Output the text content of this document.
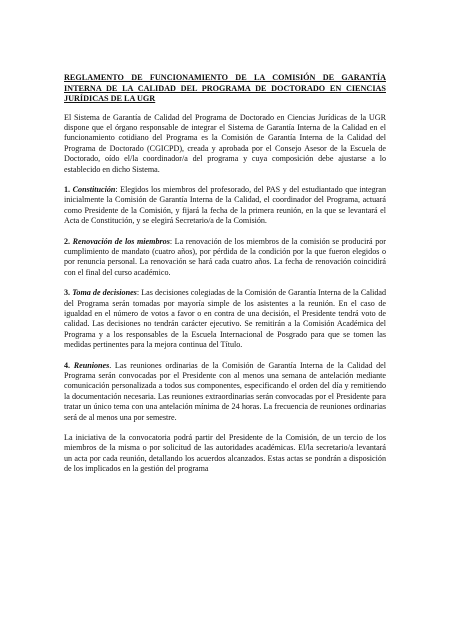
REGLAMENTO DE FUNCIONAMIENTO DE LA COMISIÓN DE GARANTÍA INTERNA DE LA CALIDAD DEL PROGRAMA DE DOCTORADO EN CIENCIAS JURÍDICAS DE LA UGR

El Sistema de Garantía de Calidad del Programa de Doctorado en Ciencias Jurídicas de la UGR dispone que el órgano responsable de integrar el Sistema de Garantía Interna de la Calidad en el funcionamiento cotidiano del Programa es la Comisión de Garantía Interna de la Calidad del Programa de Doctorado (CGICPD), creada y aprobada por el Consejo Asesor de la Escuela de Doctorado, oído el/la coordinador/a del programa y cuya composición debe ajustarse a lo establecido en dicho Sistema.

1. Constitución: Elegidos los miembros del profesorado, del PAS y del estudiantado que integran inicialmente la Comisión de Garantía Interna de la Calidad, el coordinador del Programa, actuará como Presidente de la Comisión, y fijará la fecha de la primera reunión, en la que se levantará el Acta de Constitución, y se elegirá Secretario/a de la Comisión.

2. Renovación de los miembros: La renovación de los miembros de la comisión se producirá por cumplimiento de mandato (cuatro años), por pérdida de la condición por la que fueron elegidos o por renuncia personal. La renovación se hará cada cuatro años. La fecha de renovación coincidirá con el final del curso académico.

3. Toma de decisiones: Las decisiones colegiadas de la Comisión de Garantía Interna de la Calidad del Programa serán tomadas por mayoría simple de los asistentes a la reunión. En el caso de igualdad en el número de votos a favor o en contra de una decisión, el Presidente tendrá voto de calidad. Las decisiones no tendrán carácter ejecutivo. Se remitirán a la Comisión Académica del Programa y a los responsables de la Escuela Internacional de Posgrado para que se tomen las medidas pertinentes para la mejora continua del Título.

4. Reuniones. Las reuniones ordinarias de la Comisión de Garantía Interna de la Calidad del Programa serán convocadas por el Presidente con al menos una semana de antelación mediante comunicación personalizada a todos sus componentes, especificando el orden del día y remitiendo la documentación necesaria. Las reuniones extraordinarias serán convocadas por el Presidente para tratar un único tema con una antelación mínima de 24 horas. La frecuencia de reuniones ordinarias será de al menos una por semestre.

La iniciativa de la convocatoria podrá partir del Presidente de la Comisión, de un tercio de los miembros de la misma o por solicitud de las autoridades académicas. El/la secretario/a levantará un acta por cada reunión, detallando los acuerdos alcanzados. Estas actas se pondrán a disposición de los implicados en la gestión del programa
